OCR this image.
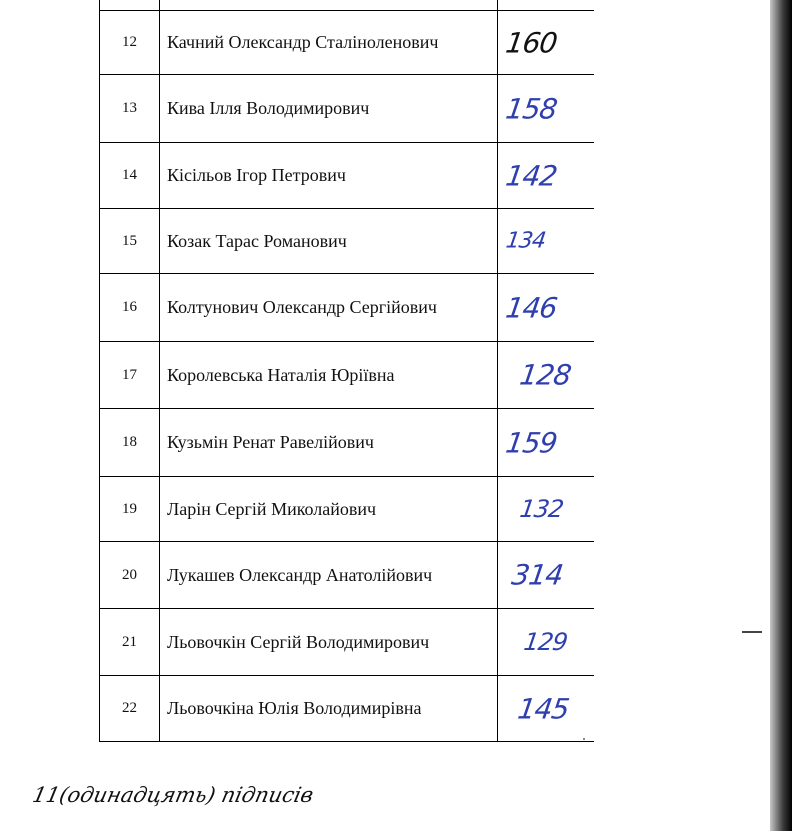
12	Качний Олександр Сталіноленович	160

13	Кива Ілля Володимирович	158

14	Кісільов Ігор Петрович	142

15	Козак Тарас Романович	134

16	Колтунович Олександр Сергійович	146

17	Королевська Наталія Юріївна	128

18	Кузьмін Ренат Равелійович	159

19	Ларін Сергій Миколайович	132

20	Лукашев Олександр Анатолійович	314

21	Льовочкін Сергій Володимирович	129

22	Льовочкіна Юлія Володимирівна	145
11(одинадцять) підписів
